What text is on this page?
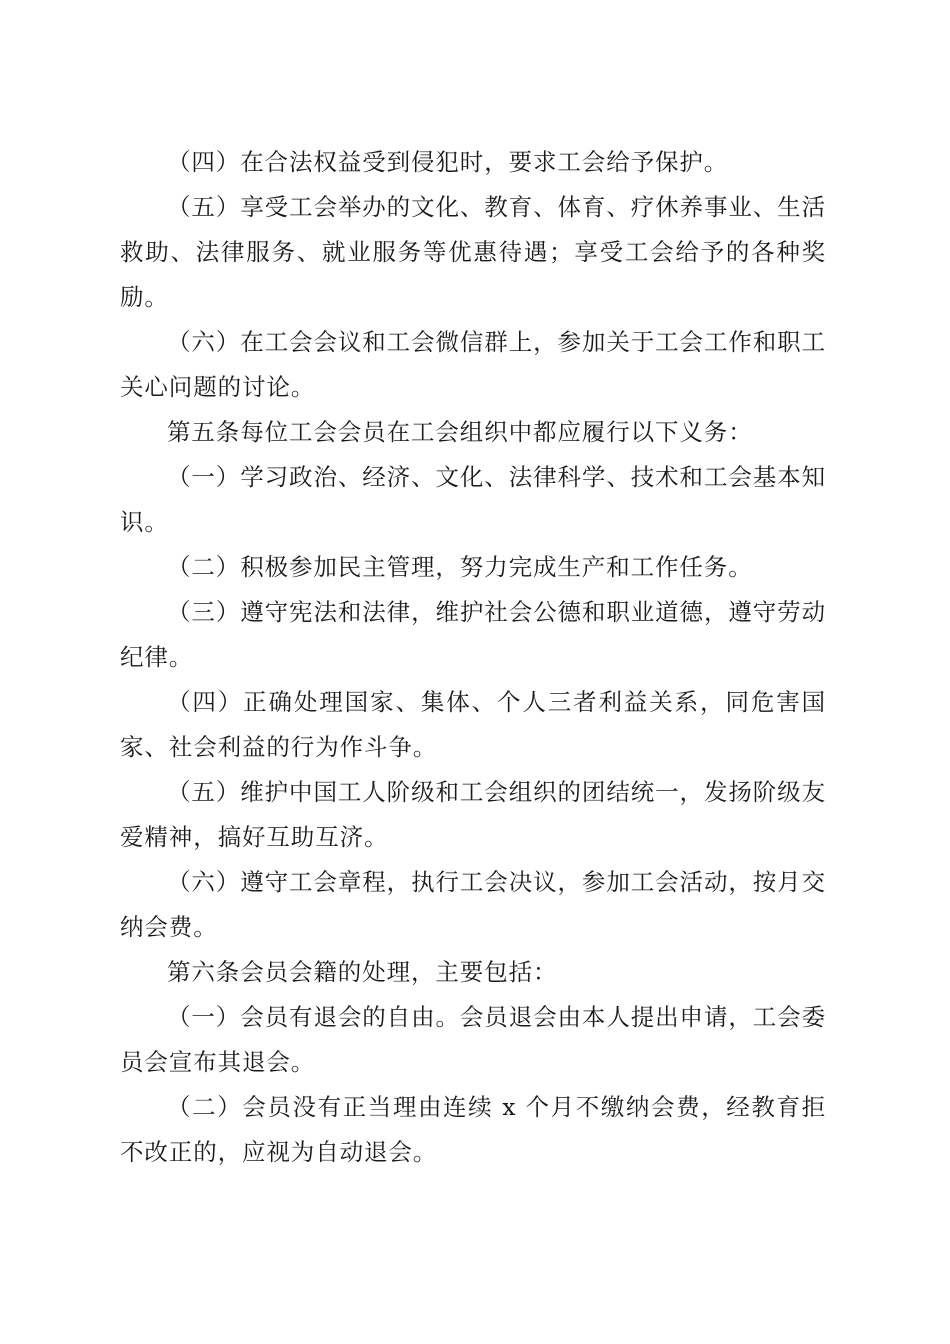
（四）在合法权益受到侵犯时，要求工会给予保护。

（五）享受工会举办的文化、教育、体育、疗休养事业、生活救助、法律服务、就业服务等优惠待遇；享受工会给予的各种奖励。

（六）在工会会议和工会微信群上，参加关于工会工作和职工关心问题的讨论。

第五条每位工会会员在工会组织中都应履行以下义务：

（一）学习政治、经济、文化、法律科学、技术和工会基本知识。

（二）积极参加民主管理，努力完成生产和工作任务。

（三）遵守宪法和法律，维护社会公德和职业道德，遵守劳动纪律。

（四）正确处理国家、集体、个人三者利益关系，同危害国家、社会利益的行为作斗争。

（五）维护中国工人阶级和工会组织的团结统一，发扬阶级友爱精神，搞好互助互济。

（六）遵守工会章程，执行工会决议，参加工会活动，按月交纳会费。

第六条会员会籍的处理，主要包括：

（一）会员有退会的自由。会员退会由本人提出申请，工会委员会宣布其退会。

（二）会员没有正当理由连续 x 个月不缴纳会费，经教育拒不改正的，应视为自动退会。
